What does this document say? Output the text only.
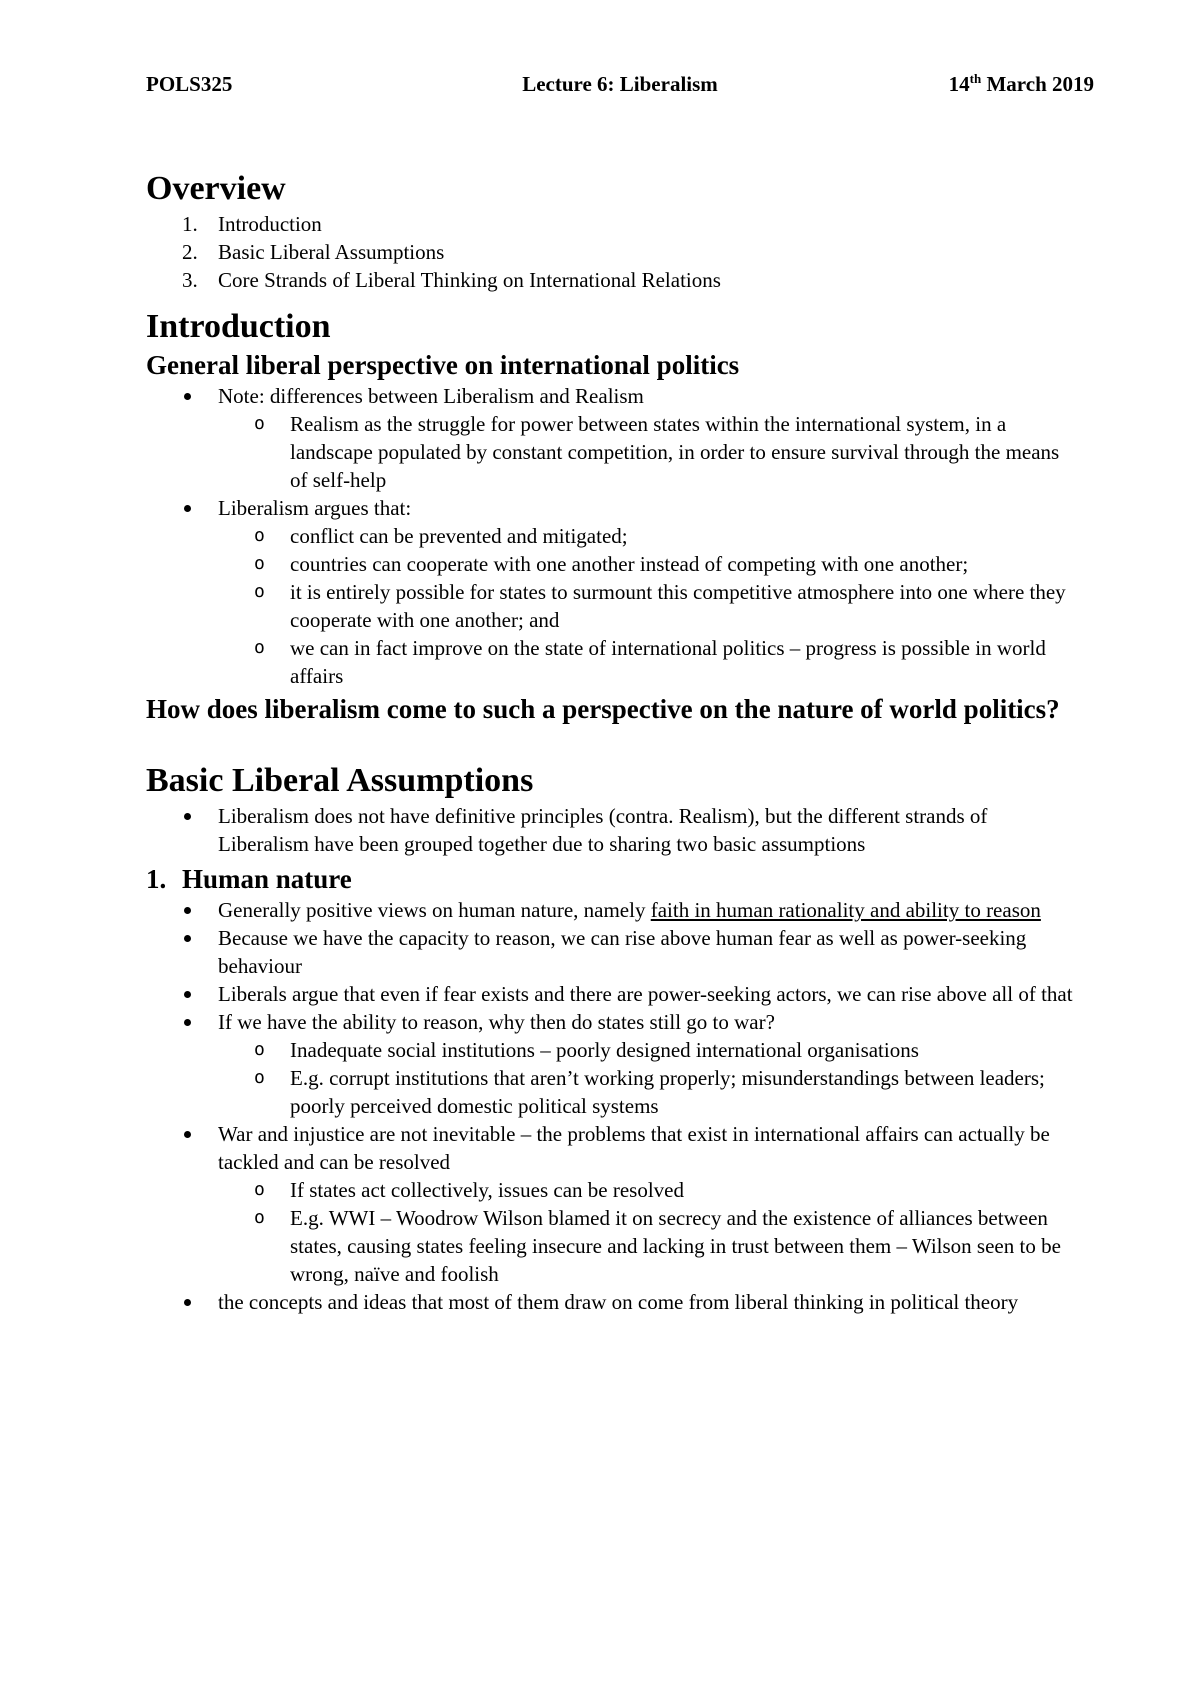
POLS325	Lecture 6: Liberalism	14th March 2019
Overview
1. Introduction
2. Basic Liberal Assumptions
3. Core Strands of Liberal Thinking on International Relations
Introduction
General liberal perspective on international politics
Note: differences between Liberalism and Realism
o Realism as the struggle for power between states within the international system, in a landscape populated by constant competition, in order to ensure survival through the means of self-help
Liberalism argues that:
o conflict can be prevented and mitigated;
o countries can cooperate with one another instead of competing with one another;
o it is entirely possible for states to surmount this competitive atmosphere into one where they cooperate with one another; and
o we can in fact improve on the state of international politics – progress is possible in world affairs
How does liberalism come to such a perspective on the nature of world politics?
Basic Liberal Assumptions
Liberalism does not have definitive principles (contra. Realism), but the different strands of Liberalism have been grouped together due to sharing two basic assumptions
1. Human nature
Generally positive views on human nature, namely faith in human rationality and ability to reason
Because we have the capacity to reason, we can rise above human fear as well as power-seeking behaviour
Liberals argue that even if fear exists and there are power-seeking actors, we can rise above all of that
If we have the ability to reason, why then do states still go to war?
o Inadequate social institutions – poorly designed international organisations
o E.g. corrupt institutions that aren’t working properly; misunderstandings between leaders; poorly perceived domestic political systems
War and injustice are not inevitable – the problems that exist in international affairs can actually be tackled and can be resolved
o If states act collectively, issues can be resolved
o E.g. WWI – Woodrow Wilson blamed it on secrecy and the existence of alliances between states, causing states feeling insecure and lacking in trust between them – Wilson seen to be wrong, naïve and foolish
the concepts and ideas that most of them draw on come from liberal thinking in political theory
